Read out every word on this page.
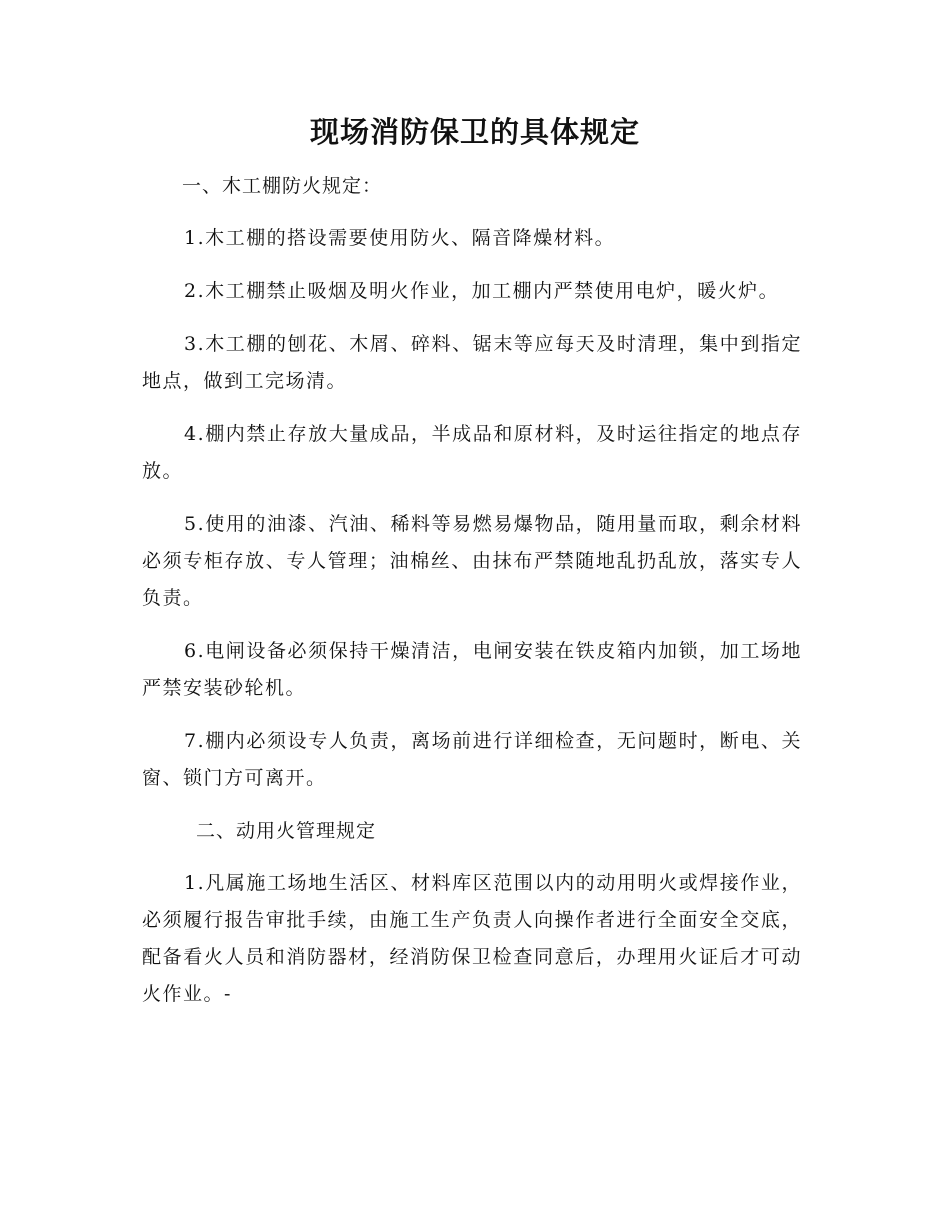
现场消防保卫的具体规定
一、木工棚防火规定：

1.木工棚的搭设需要使用防火、隔音降燥材料。

2.木工棚禁止吸烟及明火作业，加工棚内严禁使用电炉，暖火炉。

3.木工棚的刨花、木屑、碎料、锯末等应每天及时清理，集中到指定地点，做到工完场清。

4.棚内禁止存放大量成品，半成品和原材料，及时运往指定的地点存放。

5.使用的油漆、汽油、稀料等易燃易爆物品，随用量而取，剩余材料必须专柜存放、专人管理；油棉丝、由抹布严禁随地乱扔乱放，落实专人负责。

6.电闸设备必须保持干燥清洁，电闸安装在铁皮箱内加锁，加工场地严禁安装砂轮机。

7.棚内必须设专人负责，离场前进行详细检查，无问题时，断电、关窗、锁门方可离开。

二、动用火管理规定

1.凡属施工场地生活区、材料库区范围以内的动用明火或焊接作业，必须履行报告审批手续，由施工生产负责人向操作者进行全面安全交底，配备看火人员和消防器材，经消防保卫检查同意后，办理用火证后才可动火作业。-
